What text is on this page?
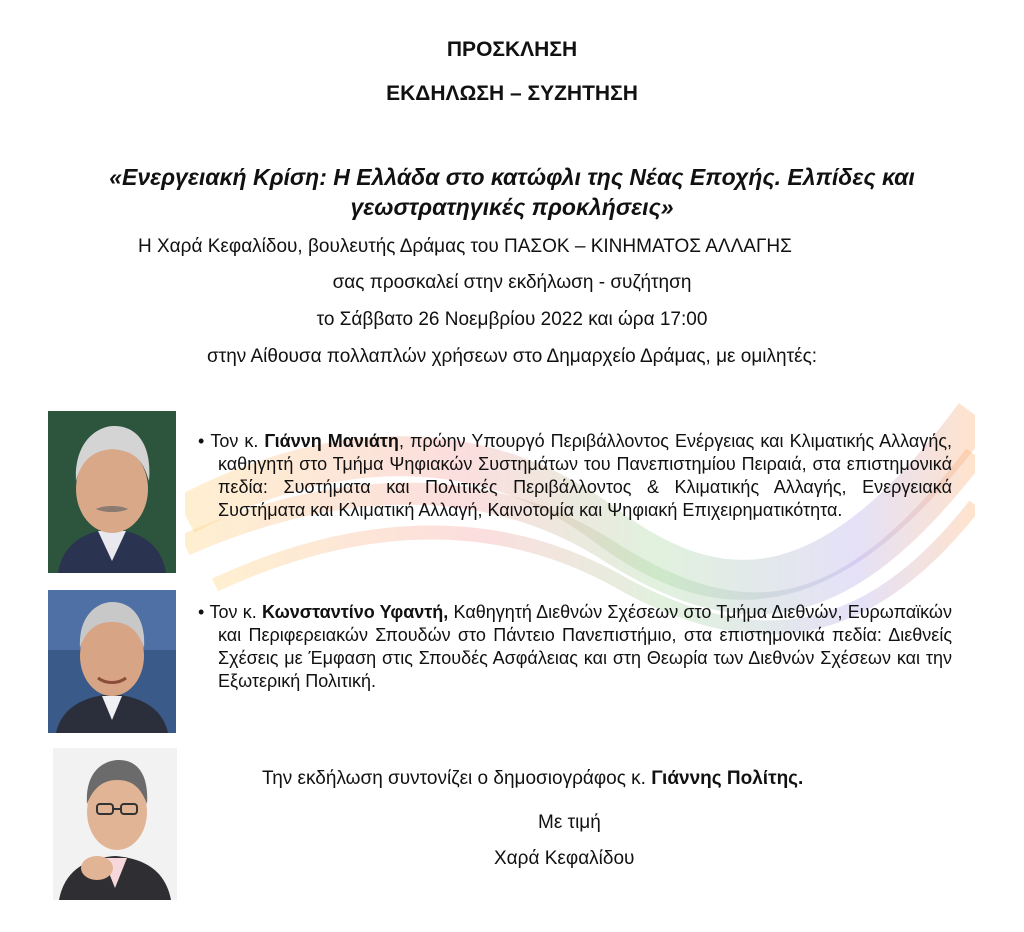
ΠΡΟΣΚΛΗΣΗ
ΕΚΔΗΛΩΣΗ – ΣΥΖΗΤΗΣΗ
«Ενεργειακή Κρίση: Η Ελλάδα στο κατώφλι της Νέας Εποχής. Ελπίδες και
γεωστρατηγικές προκλήσεις»
Η Χαρά Κεφαλίδου, βουλευτής Δράμας του ΠΑΣΟΚ – ΚΙΝΗΜΑΤΟΣ ΑΛΛΑΓΗΣ
σας προσκαλεί στην εκδήλωση - συζήτηση
το Σάββατο 26 Νοεμβρίου 2022 και ώρα 17:00
στην Αίθουσα πολλαπλών χρήσεων στο Δημαρχείο Δράμας, με ομιλητές:

• Τον κ. Γιάννη Μανιάτη, πρώην Υπουργό Περιβάλλοντος Ενέργειας και Κλιματικής Αλλαγής, καθηγητή στο Τμήμα Ψηφιακών Συστημάτων του Πανεπιστημίου Πειραιά, στα επιστημονικά πεδία: Συστήματα και Πολιτικές Περιβάλλοντος & Κλιματικής Αλλαγής, Ενεργειακά Συστήματα και Κλιματική Αλλαγή, Καινοτομία και Ψηφιακή Επιχειρηματικότητα.

• Τον κ. Κωνσταντίνο Υφαντή, Καθηγητή Διεθνών Σχέσεων στο Τμήμα Διεθνών, Ευρωπαϊκών και Περιφερειακών Σπουδών στο Πάντειο Πανεπιστήμιο, στα επιστημονικά πεδία: Διεθνείς Σχέσεις με Έμφαση στις Σπουδές Ασφάλειας και στη Θεωρία των Διεθνών Σχέσεων και την Εξωτερική Πολιτική.

Την εκδήλωση συντονίζει ο δημοσιογράφος κ. Γιάννης Πολίτης.
Με τιμή
Χαρά Κεφαλίδου
